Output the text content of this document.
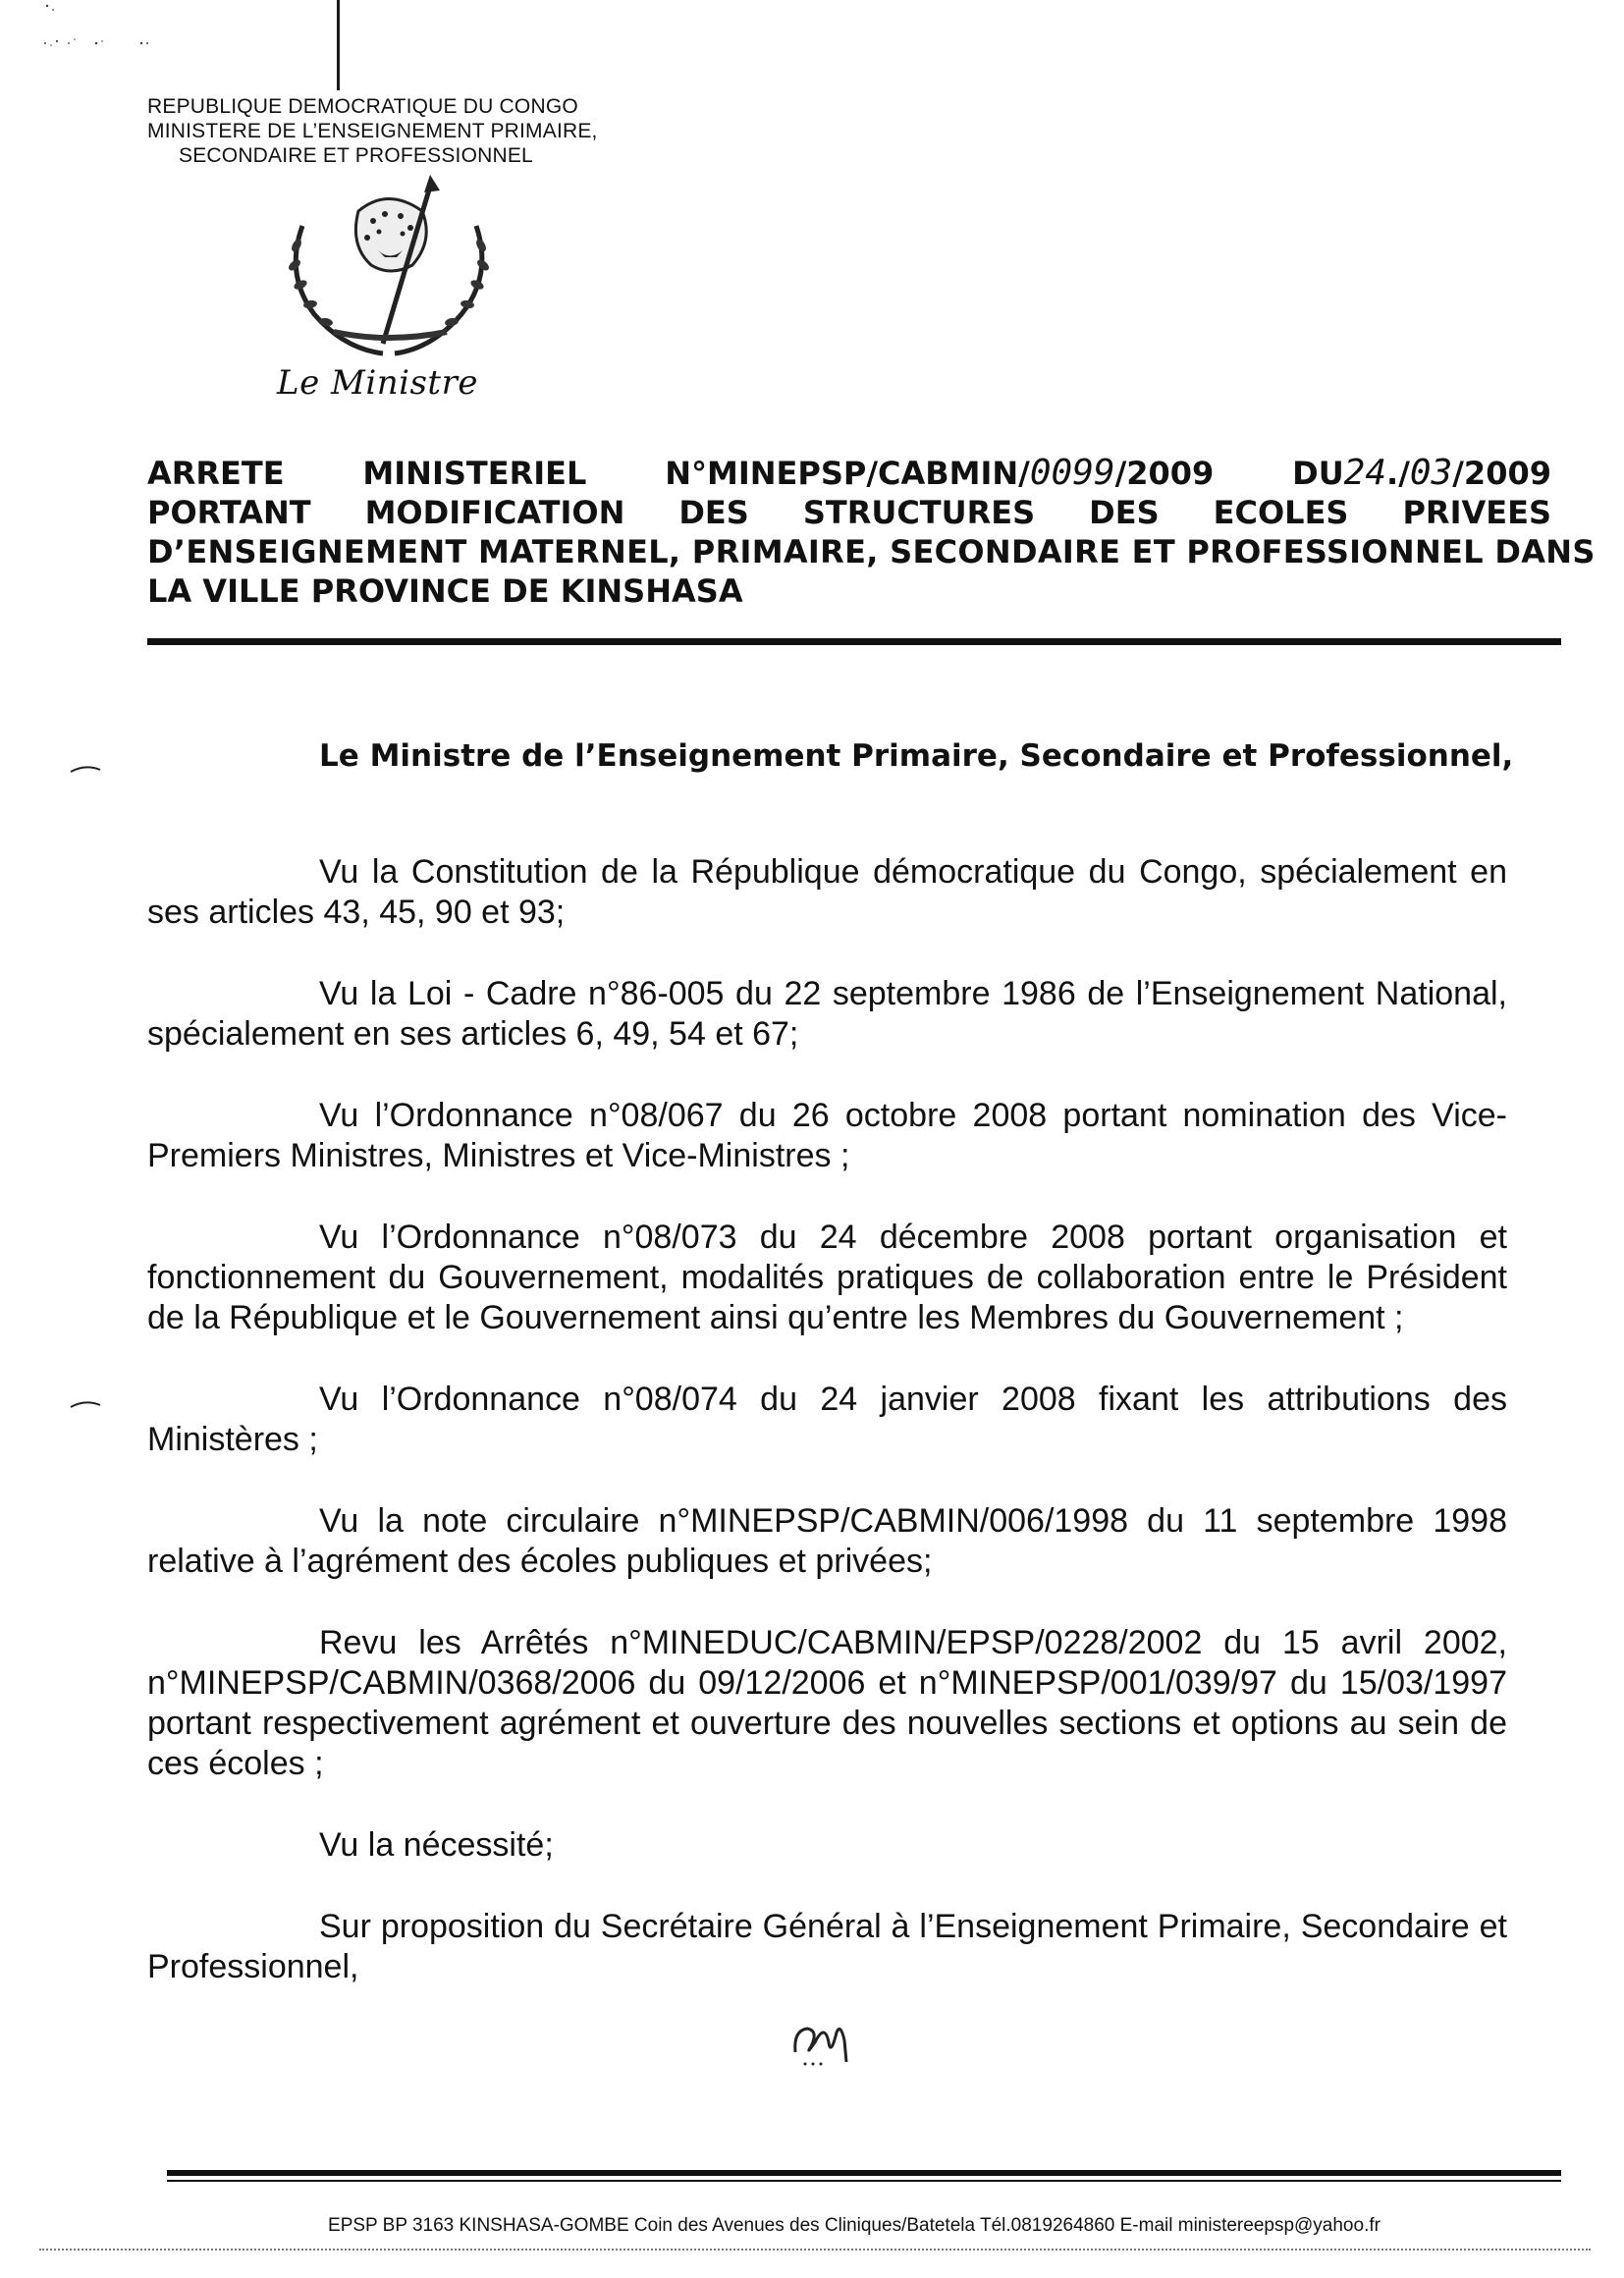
REPUBLIQUE DEMOCRATIQUE DU CONGO
MINISTERE DE L’ENSEIGNEMENT PRIMAIRE,
SECONDAIRE ET PROFESSIONNEL
Le Ministre
ARRETE MINISTERIEL N°MINEPSP/CABMIN/0099/2009 DU24./03/2009
PORTANT MODIFICATION DES STRUCTURES DES ECOLES PRIVEES
D’ENSEIGNEMENT MATERNEL, PRIMAIRE, SECONDAIRE ET PROFESSIONNEL DANS
LA VILLE PROVINCE DE KINSHASA
Le Ministre de l’Enseignement Primaire, Secondaire et Professionnel,

Vu la Constitution de la République démocratique du Congo, spécialement en ses articles 43, 45, 90 et 93;

Vu la Loi - Cadre n°86-005 du 22 septembre 1986 de l’Enseignement National, spécialement en ses articles 6, 49, 54 et 67;

Vu l’Ordonnance n°08/067 du 26 octobre 2008 portant nomination des Vice-Premiers Ministres, Ministres et Vice-Ministres ;

Vu l’Ordonnance n°08/073 du 24 décembre 2008 portant organisation et fonctionnement du Gouvernement, modalités pratiques de collaboration entre le Président de la République et le Gouvernement ainsi qu’entre les Membres du Gouvernement ;

Vu l’Ordonnance n°08/074 du 24 janvier 2008 fixant les attributions des Ministères ;

Vu la note circulaire n°MINEPSP/CABMIN/006/1998 du 11 septembre 1998 relative à l’agrément des écoles publiques et privées;

Revu les Arrêtés n°MINEDUC/CABMIN/EPSP/0228/2002 du 15 avril 2002, n°MINEPSP/CABMIN/0368/2006 du 09/12/2006 et n°MINEPSP/001/039/97 du 15/03/1997 portant respectivement agrément et ouverture des nouvelles sections et options au sein de ces écoles ;

Vu la nécessité;

Sur proposition du Secrétaire Général à l’Enseignement Primaire, Secondaire et Professionnel,

EPSP BP 3163 KINSHASA-GOMBE Coin des Avenues des Cliniques/Batetela Tél.0819264860 E-mail ministereepsp@yahoo.fr
